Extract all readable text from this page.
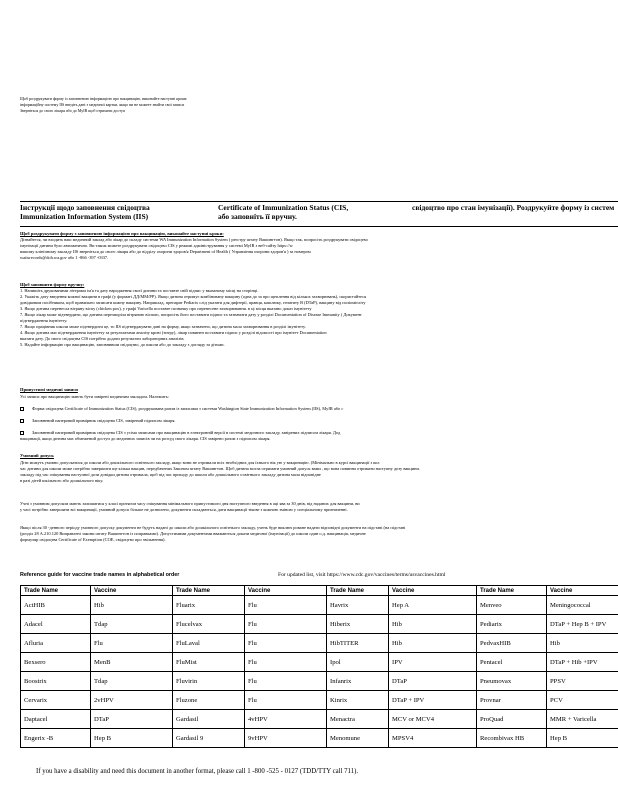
Щоб роздрукувати форму із заповненою інформацією про вакцинацію, виконайте наступні кроки:
інформаційну систему IIS введіть дані з медичної картки, якщо ви не можете знайти свої записи
Зверніться до свого лікаря або до MyIR щоб отримати доступ
Інструкції щодо заповнення свідоцтва
Immunization Information System (IIS)
Certificate of Immunization Status (CIS,
або заповніть її вручну.
свідоцтво про стан імунізації). Роздрукуйте форму із систем
Щоб роздрукувати форму з заповненою інформацією про вакцинацію, виконайте наступні кроки:
Дізнайтеся, чи входить ваш медичний заклад або лікар до складу системи WA Immunization Information System ( реєстру штату Вашингтон). Якщо так, попросіть роздрукувати свідоцтво
імунізації дитини було автоматично. Ви також можете роздрукувати свідоцтво CIS у режимі адміністрування у системі MyIR з веб-сайту https://w
вашому клінічному закладу IIS зверніться до свого лікаря або до відділу охорони здоров'я Department of Health ( Управління охорони здоров'я ) за номером
waiisrecords@doh.wa.gov або 1 -866 -397 -0337.
Щоб заповнити форму вручну:
1. Напишіть друкованими літерами ім'я та дату народження своєї дитини та поставте свій підпис у вказаному місці на сторінці.
2. Укажіть дату введення кожної вакцини в графі (у форматі ДД/ММ/РР). Якщо дитина отримує комбіновану вакцину (одна до за про щеплення від кількох захворювань), скористайтеся
довідковим посібником, щоб правильно записати кожну вакцину. Наприклад, препарат Pediarix слід указати для дифтерії, правця, кашлюку, гепатиту В (DTaP), вакцину від поліомієліту
3. Якщо дитина перенесла вітряну віспу (chicken pox), у графі Varicella поставте позначку про перенесене захворювання. в ці місця вказано доказ імунітету
7. Якщо лікар може підтвердити, що дитина перехворіла вітряною віспою, попросіть його поставити підпис та зазначити дату у розділі Documentation of Disease Immunity ( Документ
підтвердження імунітету.
7. Якщо працівник школи може підтвердити це, то IIS підтверджувати дані на форму, якщо зазначено, що дитина мала захворювання в розділі імунітету.
4. Якщо дитина має підтвердження імунітету за результатами аналізу крові (титру), лікар повинен поставити підпис у розділі відомості про імунітет Documentation
вказати дату. До свого свідоцтва CIS потрібно додати результати лабораторних аналізів.
5. Надайте інформацію про вакцинацію, заповнивши свідоцтво, до школи або до закладу з догляду за дітьми.
Припустимі медичні записи
Усі записи про вакцинацію мають бути завірені медичним закладом. Належить:
Форма свідоцтва Certificate of Immunization Status (CIS), роздрукована разом із записами з системи Washington State Immunization Information System (IIS), MyIR або с
Заповнений паперовий примірник свідоцтва CIS, завірений підписом лікаря.
Заповнений паперовий примірник свідоцтва CIS з усіма записами про вакцинацію в електронній версії в системі медичного закладу, завірених підписом лікаря. Дод
вакцинації, якщо дитина має обмежений доступ до медичних записів чи на розсуд свого лікаря. CIS завірено разом з підписом лікаря.
Умовний допуск
Діти можуть умовно допускатися до школи або дошкільного освітнього закладу, якщо вони не отримали всіх необхідних для їхнього вік ую у вакцинацію. (Мінімально в курсі вакцинації з кол
час дитини для школи може потрібно завершити ще кілька вакцин, передбачених Законом штату Вашингтон. Щоб дитина могла отримати умовний допуск вами , що вона повинна отримати наступну дозу вакцини.
закладу під час очікування наступної дози довідки дитина отримала, щоб під час приходу до школи або дошкільного освітнього закладу дитина мала відповідне
в разі дітей шкільного або дошкільного віку.
Учні з умовним допуском мають залишатися у класі протягом часу очікування мінімального припустимого дня наступного введення в аці ява за 30 днів, від наданих для вакцини, ви
у часі потрібно завершити всі вакцинації, умовний допуск більше не дозволено, документи складаються, дати вакцинації тікове з кожною зміною у спеціальному призначенні.
Якщо після 30 -денного періоду умовного допуску документи не будуть надані до школи або дошкільного освітнього закладу, учень буде виключ роване надати відповідні документи на підставі (на підставі
(розділ 28 A.210.120 Виправлені закони штату Вашингтон із поправками). Допустимими документами вважаються докази медичної (імунізації) до школи один о.д. вакцинація, медичне
формуляр свідоцтва Certificate of Exemption (COE, свідоцтво про звільнення).
Reference guide for vaccine trade names in alphabetical order	For updated list, visit https://www.cdc.gov/vaccines/terms/usvaccines.html
Trade Name	Vaccine	Trade Name	Vaccine	Trade Name	Vaccine	Trade Name	Vaccine
ActHIB	Hib	Fluarix	Flu	Havrix	Hep A	Menveo	Meningococcal
Adacel	Tdap	Flucelvax	Flu	Hiberix	Hib	Pediarix	DTaP + Hep B + IPV
Afluria	Flu	FluLaval	Flu	HibTITER	Hib	PedvaxHIB	Hib
Bexsero	MenB	FluMist	Flu	Ipol	IPV	Pentacel	DTaP + Hib +IPV
Boostrix	Tdap	Fluvirin	Flu	Infanrix	DTaP	Pneumovax	PPSV
Cervarix	2vHPV	Fluzone	Flu	Kinrix	DTaP + IPV	Provnar	PCV
Daptacel	DTaP	Gardasil	4vHPV	Menactra	MCV or MCV4	ProQuad	MMR + Varicella
Engerix -B	Hep B	Gardasil 9	9vHPV	Menomune	MPSV4	Recombivax HB	Hep B
If you have a disability and need this document in another format, please call 1 -800 -525 - 0127 (TDD/TTY call 711).
